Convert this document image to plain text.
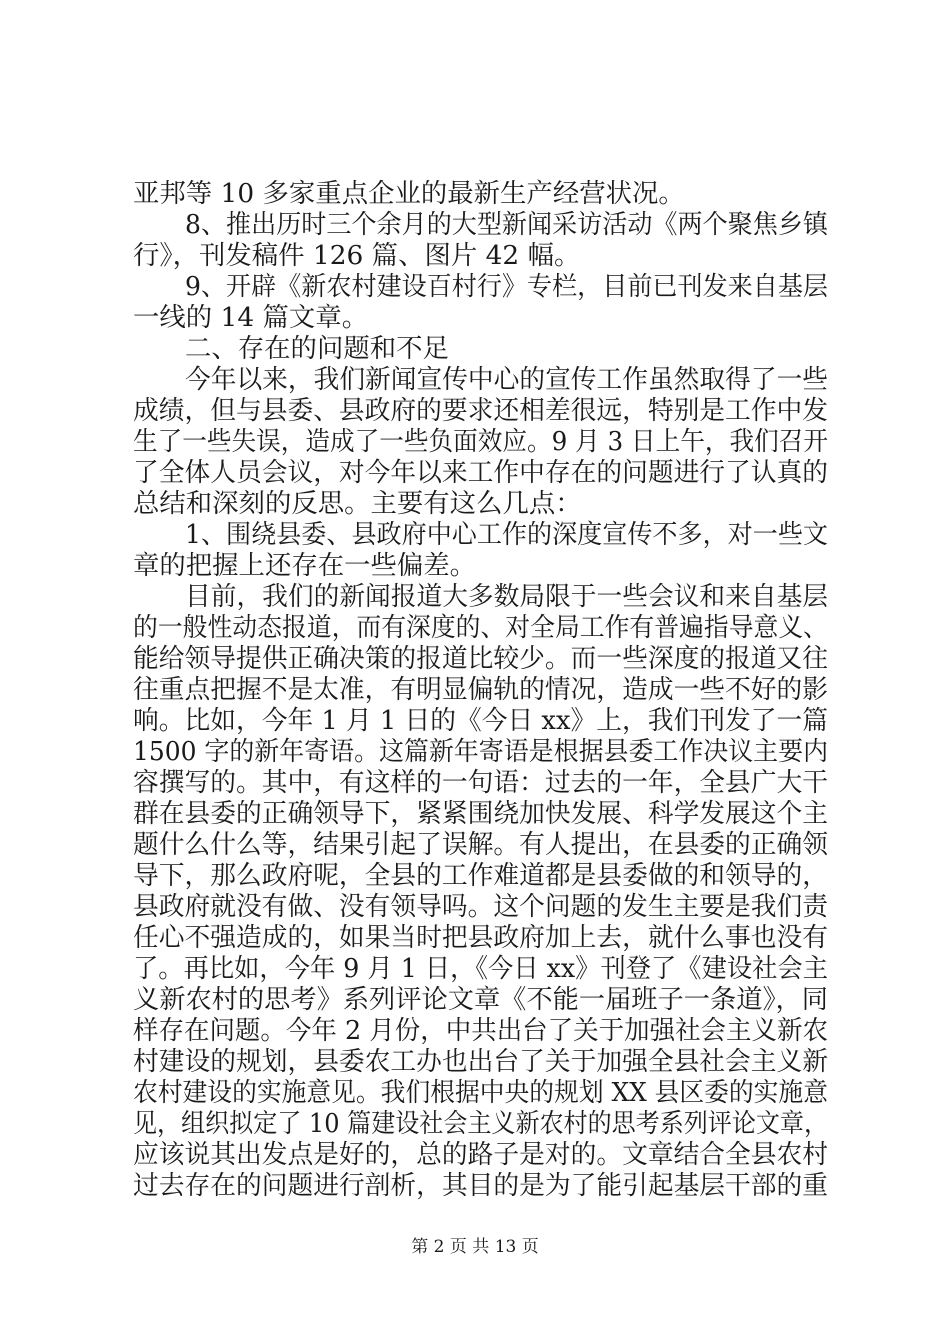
亚邦等 10 多家重点企业的最新生产经营状况。
8、推出历时三个余月的大型新闻采访活动《两个聚焦乡镇
行》，刊发稿件 126 篇、图片 42 幅。
9、开辟《新农村建设百村行》专栏，目前已刊发来自基层
一线的 14 篇文章。
二、存在的问题和不足
今年以来，我们新闻宣传中心的宣传工作虽然取得了一些
成绩，但与县委、县政府的要求还相差很远，特别是工作中发
生了一些失误，造成了一些负面效应。9 月 3 日上午，我们召开
了全体人员会议，对今年以来工作中存在的问题进行了认真的
总结和深刻的反思。主要有这么几点：
1、围绕县委、县政府中心工作的深度宣传不多，对一些文
章的把握上还存在一些偏差。
目前，我们的新闻报道大多数局限于一些会议和来自基层
的一般性动态报道，而有深度的、对全局工作有普遍指导意义、
能给领导提供正确决策的报道比较少。而一些深度的报道又往
往重点把握不是太准，有明显偏轨的情况，造成一些不好的影
响。比如，今年 1 月 1 日的《今日 xx》上，我们刊发了一篇
1500 字的新年寄语。这篇新年寄语是根据县委工作决议主要内
容撰写的。其中，有这样的一句语：过去的一年，全县广大干
群在县委的正确领导下，紧紧围绕加快发展、科学发展这个主
题什么什么等，结果引起了误解。有人提出，在县委的正确领
导下，那么政府呢，全县的工作难道都是县委做的和领导的，
县政府就没有做、没有领导吗。这个问题的发生主要是我们责
任心不强造成的，如果当时把县政府加上去，就什么事也没有
了。再比如，今年 9 月 1 日，《今日 xx》刊登了《建设社会主
义新农村的思考》系列评论文章《不能一届班子一条道》，同
样存在问题。今年 2 月份，中共出台了关于加强社会主义新农
村建设的规划，县委农工办也出台了关于加强全县社会主义新
农村建设的实施意见。我们根据中央的规划 XX 县区委的实施意
见，组织拟定了 10 篇建设社会主义新农村的思考系列评论文章，
应该说其出发点是好的，总的路子是对的。文章结合全县农村
过去存在的问题进行剖析，其目的是为了能引起基层干部的重
第 2 页 共 13 页
